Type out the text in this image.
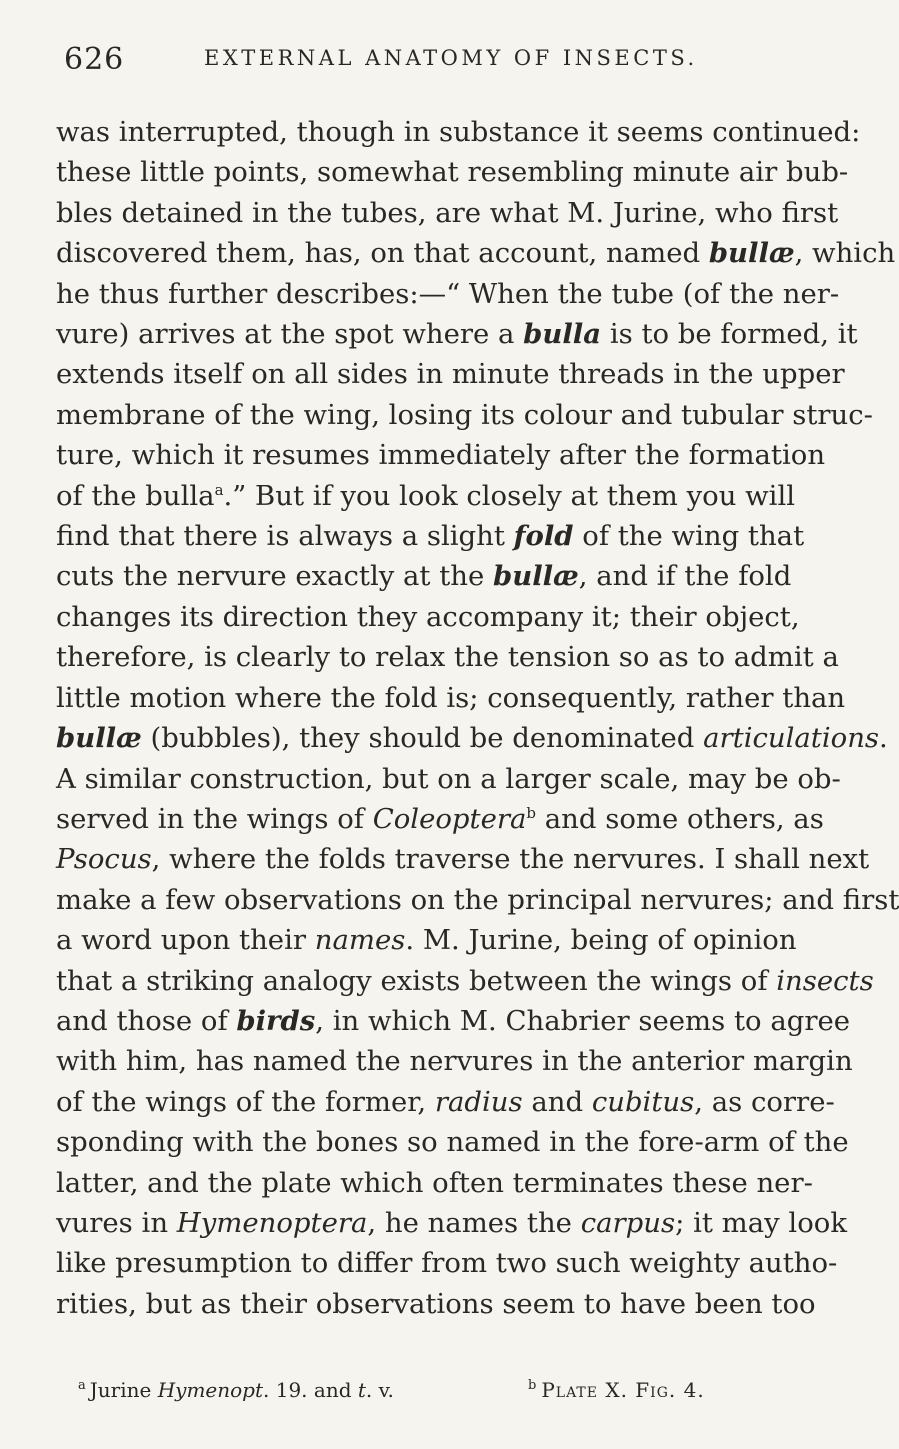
626	EXTERNAL ANATOMY OF INSECTS.
was interrupted, though in substance it seems continued:
these little points, somewhat resembling minute air bub-
bles detained in the tubes, are what M. Jurine, who first
discovered them, has, on that account, named bullæ, which
he thus further describes:—“ When the tube (of the ner-
vure) arrives at the spot where a bulla is to be formed, it
extends itself on all sides in minute threads in the upper
membrane of the wing, losing its colour and tubular struc-
ture, which it resumes immediately after the formation
of the bulla$^a$.” But if you look closely at them you will
find that there is always a slight fold of the wing that
cuts the nervure exactly at the bullæ, and if the fold
changes its direction they accompany it; their object,
therefore, is clearly to relax the tension so as to admit a
little motion where the fold is; consequently, rather than
bullæ (bubbles), they should be denominated articulations.
A similar construction, but on a larger scale, may be ob-
served in the wings of Coleoptera$^b$ and some others, as
Psocus, where the folds traverse the nervures. I shall next
make a few observations on the principal nervures; and first
a word upon their names. M. Jurine, being of opinion
that a striking analogy exists between the wings of insects
and those of birds, in which M. Chabrier seems to agree
with him, has named the nervures in the anterior margin
of the wings of the former, radius and cubitus, as corre-
sponding with the bones so named in the fore-arm of the
latter, and the plate which often terminates these ner-
vures in Hymenoptera, he names the carpus; it may look
like presumption to differ from two such weighty autho-
rities, but as their observations seem to have been too
$^a$ Jurine Hymenopt. 19. and t. v.	$^b$ Plate X. Fig. 4.
